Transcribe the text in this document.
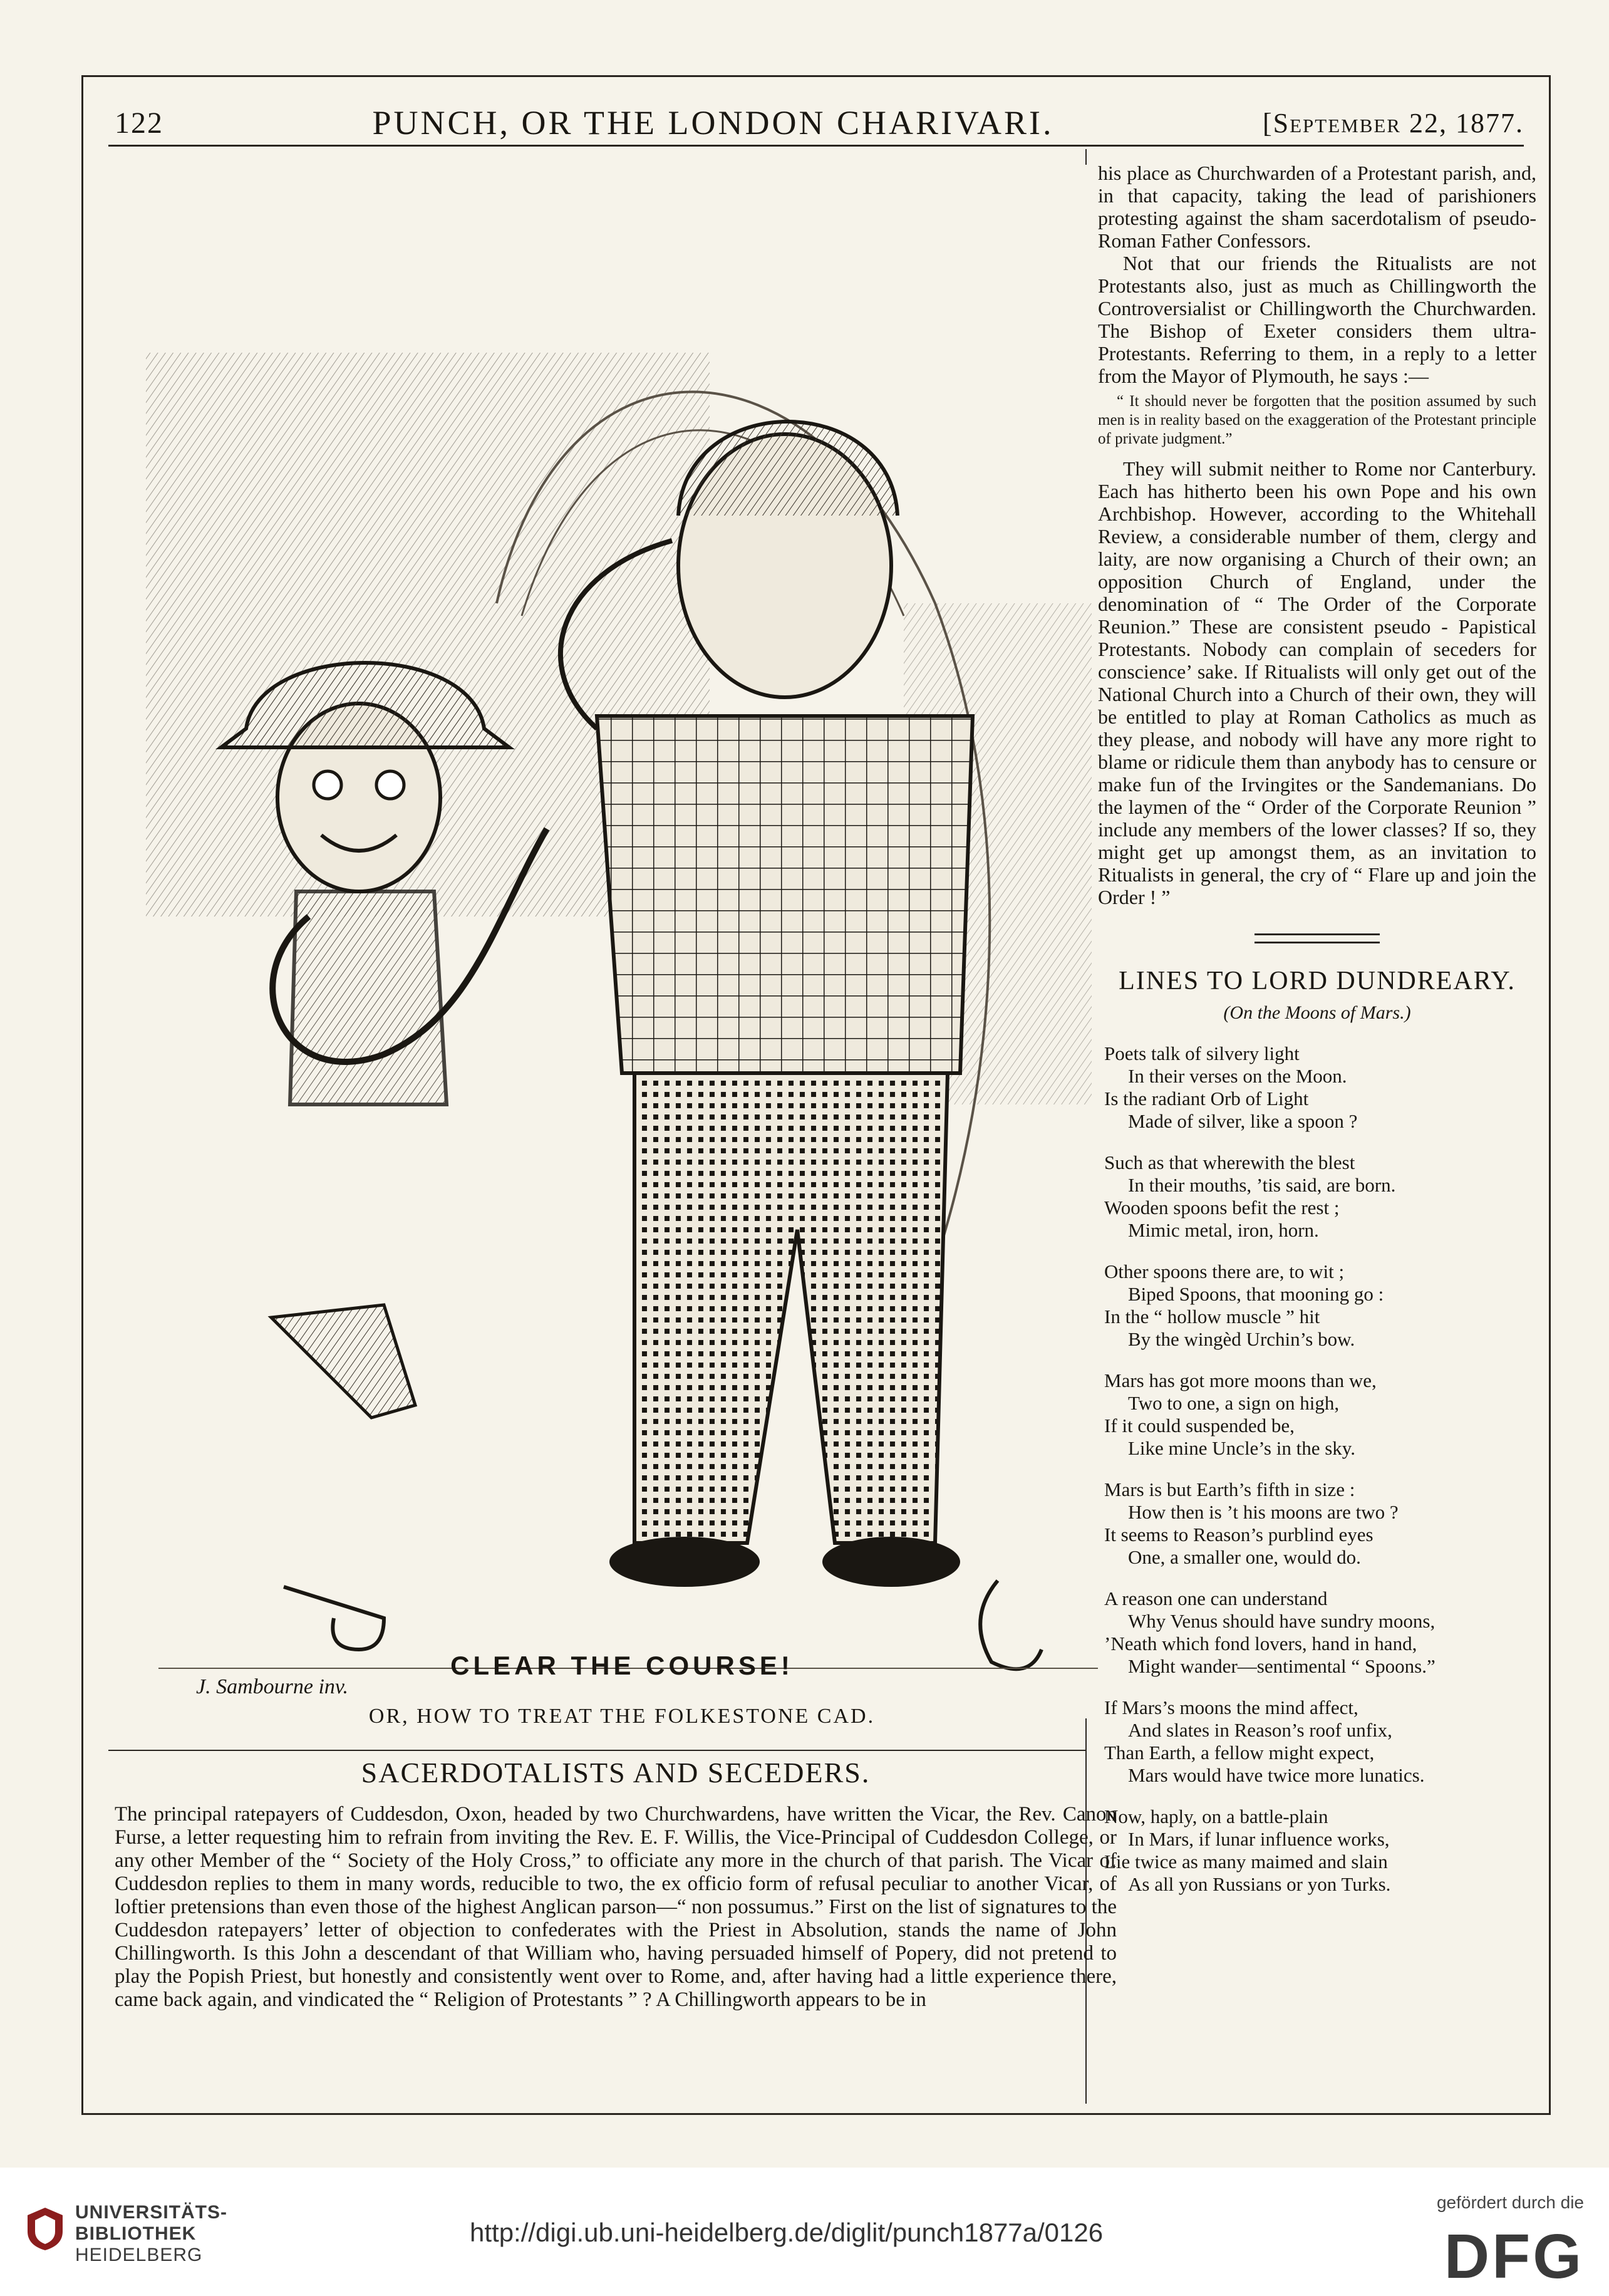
122	PUNCH, OR THE LONDON CHARIVARI.	[September 22, 1877.
J. Sambourne inv.
CLEAR THE COURSE!
OR, HOW TO TREAT THE FOLKESTONE CAD.
SACERDOTALISTS AND SECEDERS.

The principal ratepayers of Cuddesdon, Oxon, headed by two Churchwardens, have written the Vicar, the Rev. Canon Furse, a letter requesting him to refrain from inviting the Rev. E. F. Willis, the Vice-Principal of Cuddesdon College, or any other Member of the “ Society of the Holy Cross,” to officiate any more in the church of that parish. The Vicar of Cuddesdon replies to them in many words, reducible to two, the ex officio form of refusal peculiar to another Vicar, of loftier pretensions than even those of the highest Anglican parson—“ non possumus.” First on the list of signatures to the Cuddesdon ratepayers’ letter of objection to confederates with the Priest in Absolution, stands the name of John Chillingworth. Is this John a descendant of that William who, having persuaded himself of Popery, did not pretend to play the Popish Priest, but honestly and consistently went over to Rome, and, after having had a little experience there, came back again, and vindicated the “ Religion of Protestants ” ? A Chillingworth appears to be in

his place as Churchwarden of a Protestant parish, and, in that capacity, taking the lead of parishioners protesting against the sham sacerdotalism of pseudo-Roman Father Confessors.

Not that our friends the Ritualists are not Protestants also, just as much as Chillingworth the Controversialist or Chillingworth the Churchwarden. The Bishop of Exeter considers them ultra-Protestants. Referring to them, in a reply to a letter from the Mayor of Plymouth, he says :—

“ It should never be forgotten that the position assumed by such men is in reality based on the exaggeration of the Protestant principle of private judgment.”

They will submit neither to Rome nor Canterbury. Each has hitherto been his own Pope and his own Archbishop. However, according to the Whitehall Review, a considerable number of them, clergy and laity, are now organising a Church of their own; an opposition Church of England, under the denomination of “ The Order of the Corporate Reunion.” These are consistent pseudo - Papistical Protestants. Nobody can complain of seceders for conscience’ sake. If Ritualists will only get out of the National Church into a Church of their own, they will be entitled to play at Roman Catholics as much as they please, and nobody will have any more right to blame or ridicule them than anybody has to censure or make fun of the Irvingites or the Sandemanians. Do the laymen of the “ Order of the Corporate Reunion ” include any members of the lower classes? If so, they might get up amongst them, as an invitation to Ritualists in general, the cry of “ Flare up and join the Order ! ”

LINES TO LORD DUNDREARY.
(On the Moons of Mars.)
Poets talk of silvery light
In their verses on the Moon.
Is the radiant Orb of Light
Made of silver, like a spoon ?
Such as that wherewith the blest
In their mouths, ’tis said, are born.
Wooden spoons befit the rest ;
Mimic metal, iron, horn.
Other spoons there are, to wit ;
Biped Spoons, that mooning go :
In the “ hollow muscle ” hit
By the wingèd Urchin’s bow.
Mars has got more moons than we,
Two to one, a sign on high,
If it could suspended be,
Like mine Uncle’s in the sky.
Mars is but Earth’s fifth in size :
How then is ’t his moons are two ?
It seems to Reason’s purblind eyes
One, a smaller one, would do.
A reason one can understand
Why Venus should have sundry moons,
’Neath which fond lovers, hand in hand,
Might wander—sentimental “ Spoons.”
If Mars’s moons the mind affect,
And slates in Reason’s roof unfix,
Than Earth, a fellow might expect,
Mars would have twice more lunatics.
Now, haply, on a battle-plain
In Mars, if lunar influence works,
Lie twice as many maimed and slain
As all yon Russians or yon Turks.
UNIVERSITÄTS-
BIBLIOTHEK
HEIDELBERG
http://digi.ub.uni-heidelberg.de/diglit/punch1877a/0126
gefördert durch die
DFG
